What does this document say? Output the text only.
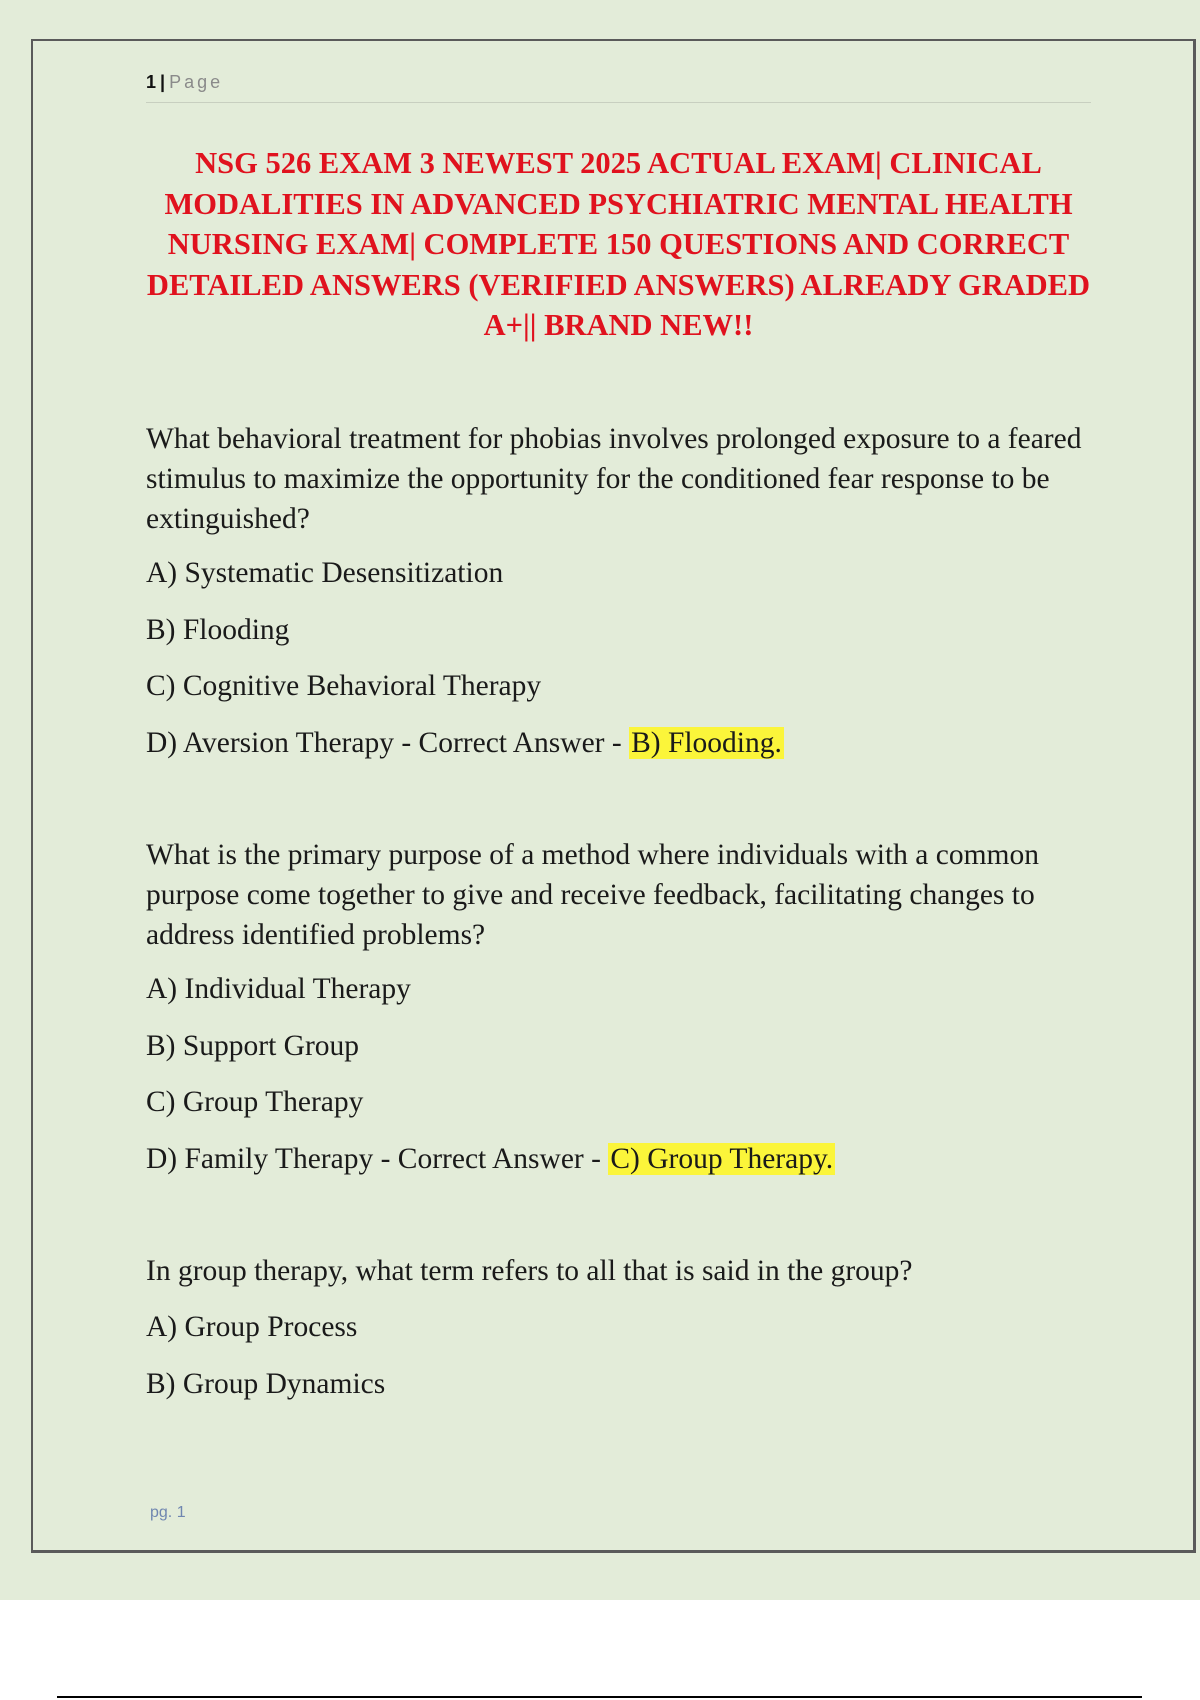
1 | Page
NSG 526 EXAM 3 NEWEST 2025 ACTUAL EXAM| CLINICAL MODALITIES IN ADVANCED PSYCHIATRIC MENTAL HEALTH NURSING EXAM| COMPLETE 150 QUESTIONS AND CORRECT DETAILED ANSWERS (VERIFIED ANSWERS) ALREADY GRADED A+|| BRAND NEW!!

What behavioral treatment for phobias involves prolonged exposure to a feared stimulus to maximize the opportunity for the conditioned fear response to be extinguished?

A) Systematic Desensitization

B) Flooding

C) Cognitive Behavioral Therapy

D) Aversion Therapy - Correct Answer - B) Flooding.

What is the primary purpose of a method where individuals with a common purpose come together to give and receive feedback, facilitating changes to address identified problems?

A) Individual Therapy

B) Support Group

C) Group Therapy

D) Family Therapy - Correct Answer - C) Group Therapy.

In group therapy, what term refers to all that is said in the group?

A) Group Process

B) Group Dynamics

pg. 1
